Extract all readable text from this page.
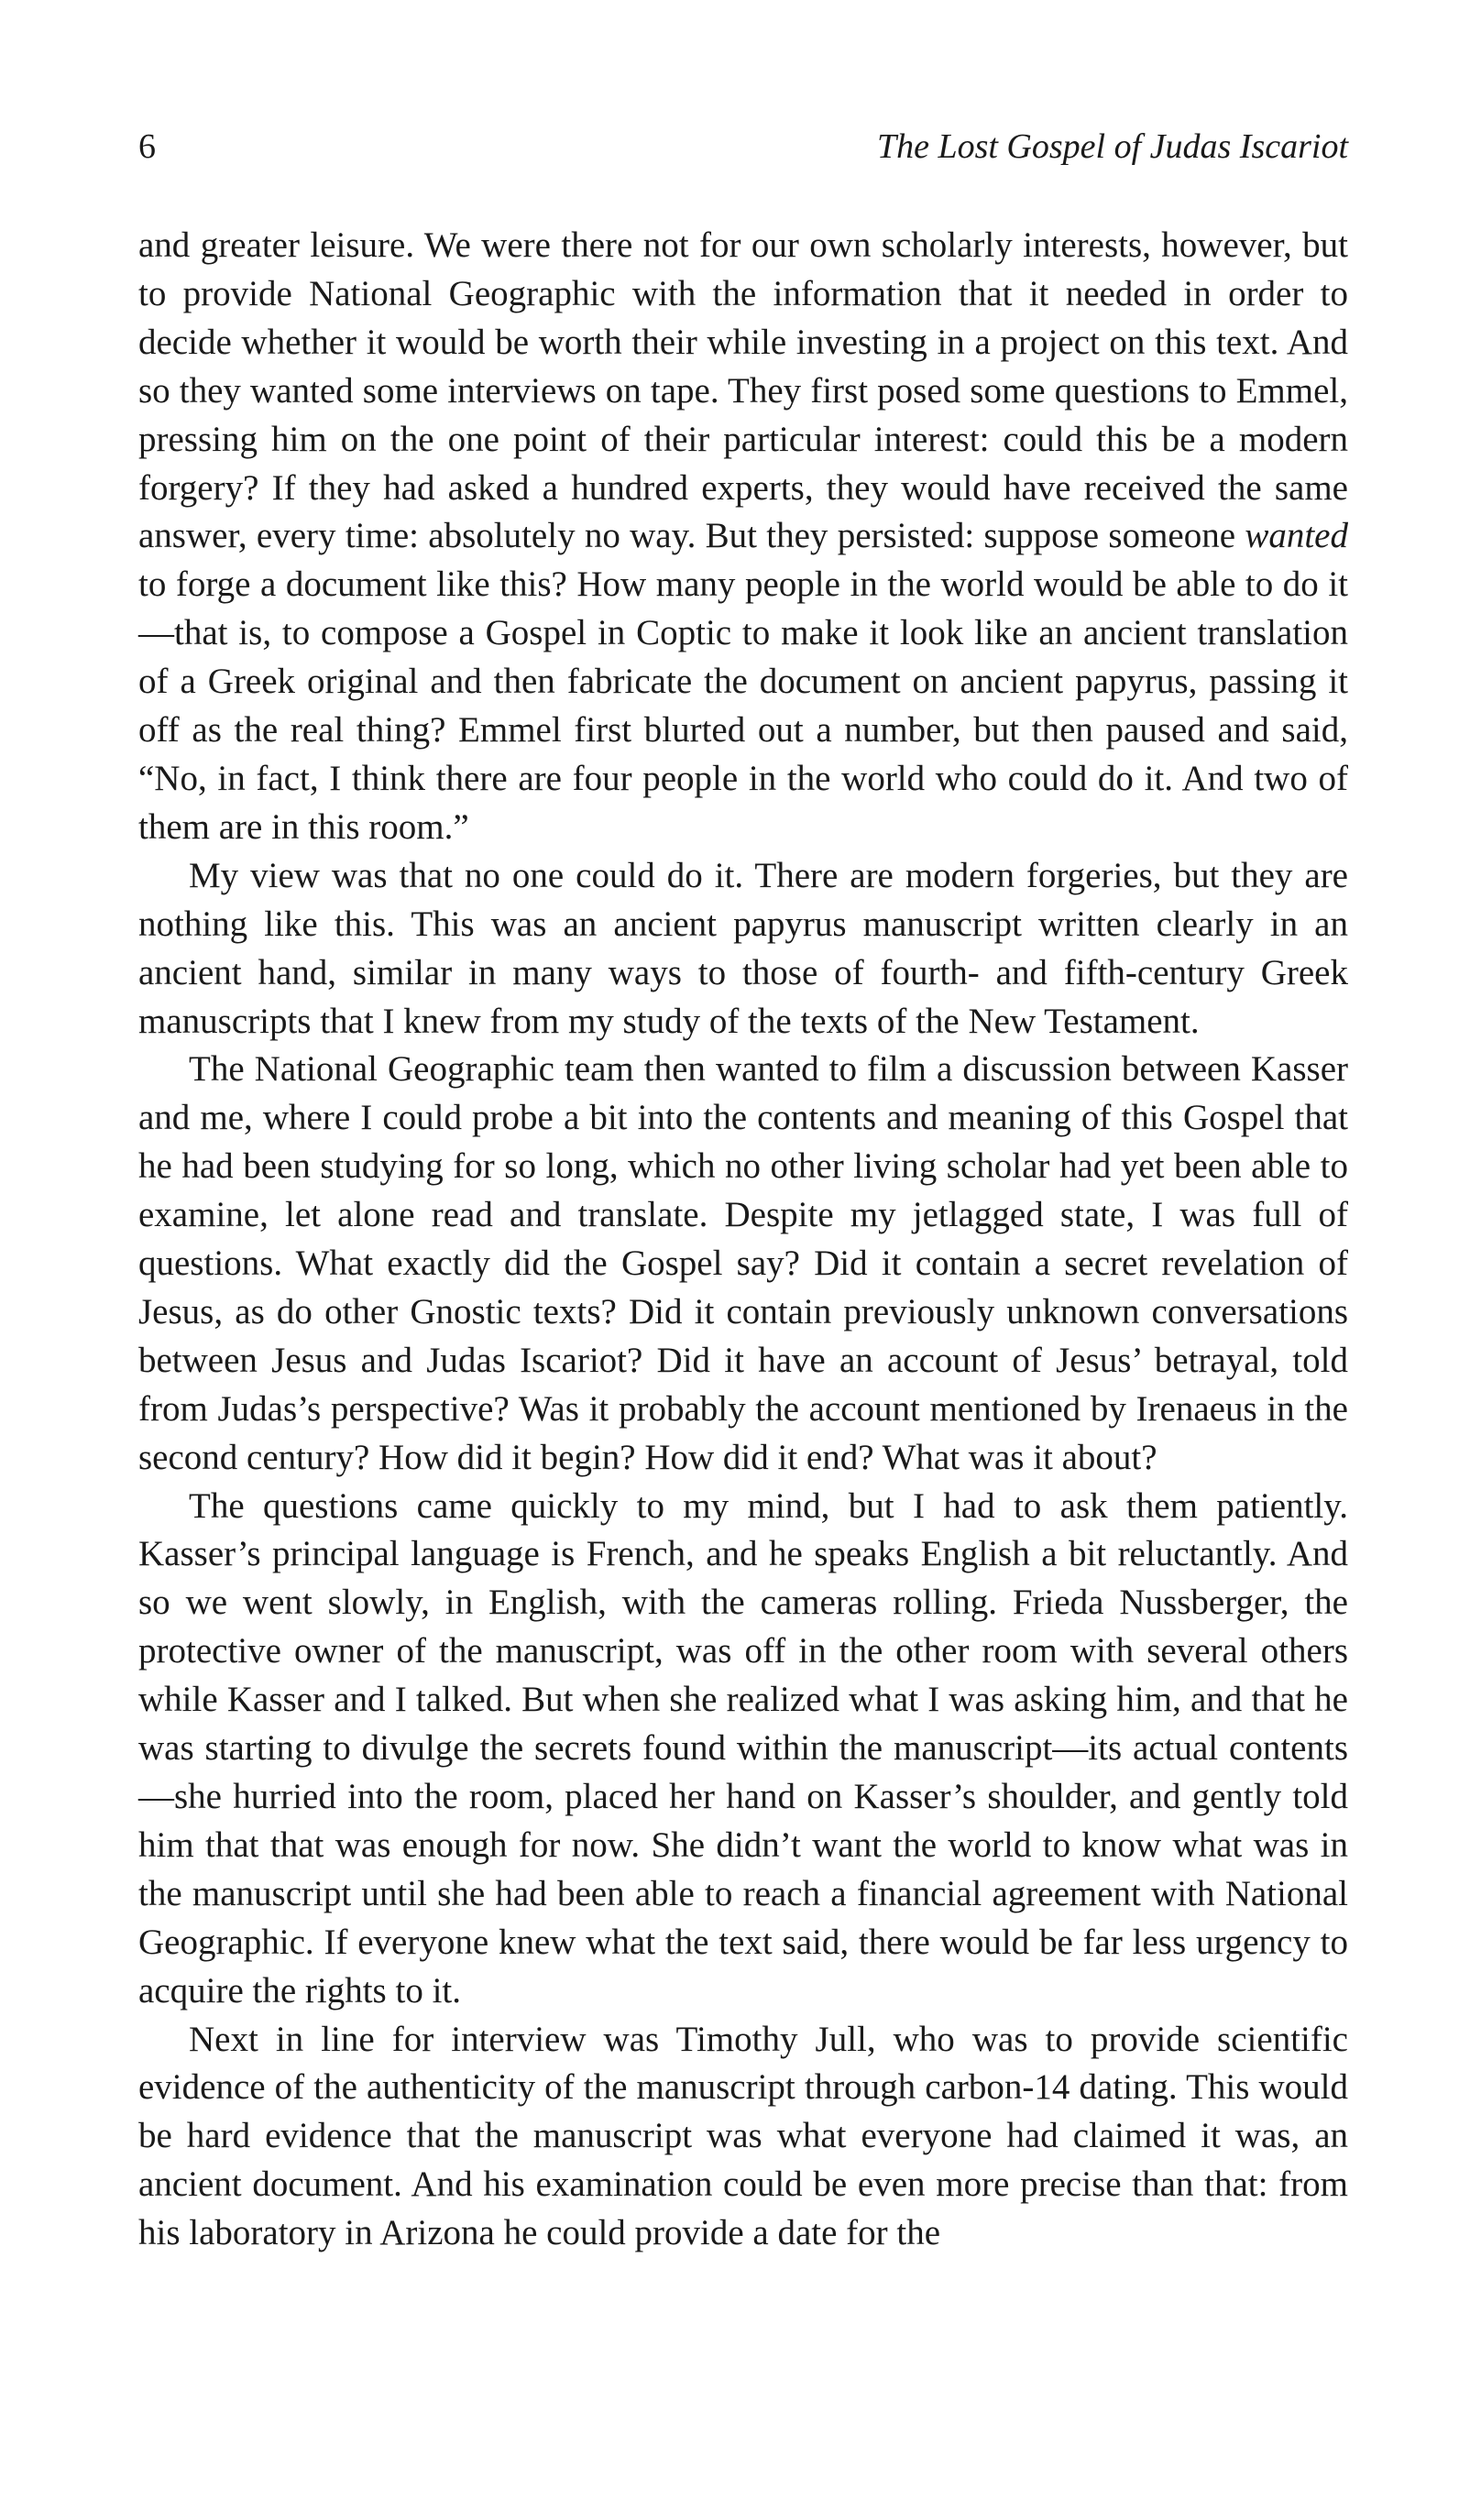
6	The Lost Gospel of Judas Iscariot

and greater leisure. We were there not for our own scholarly interests, however, but to provide National Geographic with the information that it needed in order to decide whether it would be worth their while investing in a project on this text. And so they wanted some interviews on tape. They first posed some questions to Emmel, pressing him on the one point of their particular interest: could this be a modern forgery? If they had asked a hundred experts, they would have received the same answer, every time: absolutely no way. But they persisted: suppose someone wanted to forge a document like this? How many people in the world would be able to do it—that is, to compose a Gospel in Coptic to make it look like an ancient translation of a Greek original and then fabricate the document on ancient papyrus, passing it off as the real thing? Emmel first blurted out a number, but then paused and said, “No, in fact, I think there are four people in the world who could do it. And two of them are in this room.”

My view was that no one could do it. There are modern forgeries, but they are nothing like this. This was an ancient papyrus manuscript written clearly in an ancient hand, similar in many ways to those of fourth- and fifth-century Greek manuscripts that I knew from my study of the texts of the New Testament.

The National Geographic team then wanted to film a discussion between Kasser and me, where I could probe a bit into the contents and meaning of this Gospel that he had been studying for so long, which no other living scholar had yet been able to examine, let alone read and translate. Despite my jetlagged state, I was full of questions. What exactly did the Gospel say? Did it contain a secret revelation of Jesus, as do other Gnostic texts? Did it contain previously unknown conversations between Jesus and Judas Iscariot? Did it have an account of Jesus’ betrayal, told from Judas’s perspective? Was it probably the account mentioned by Irenaeus in the second century? How did it begin? How did it end? What was it about?

The questions came quickly to my mind, but I had to ask them patiently. Kasser’s principal language is French, and he speaks English a bit reluctantly. And so we went slowly, in English, with the cameras rolling. Frieda Nussberger, the protective owner of the manuscript, was off in the other room with several others while Kasser and I talked. But when she realized what I was asking him, and that he was starting to divulge the secrets found within the manuscript—its actual contents—she hurried into the room, placed her hand on Kasser’s shoulder, and gently told him that that was enough for now. She didn’t want the world to know what was in the manuscript until she had been able to reach a financial agreement with National Geographic. If everyone knew what the text said, there would be far less urgency to acquire the rights to it.

Next in line for interview was Timothy Jull, who was to provide scientific evidence of the authenticity of the manuscript through carbon-14 dating. This would be hard evidence that the manuscript was what everyone had claimed it was, an ancient document. And his examination could be even more precise than that: from his laboratory in Arizona he could provide a date for the
